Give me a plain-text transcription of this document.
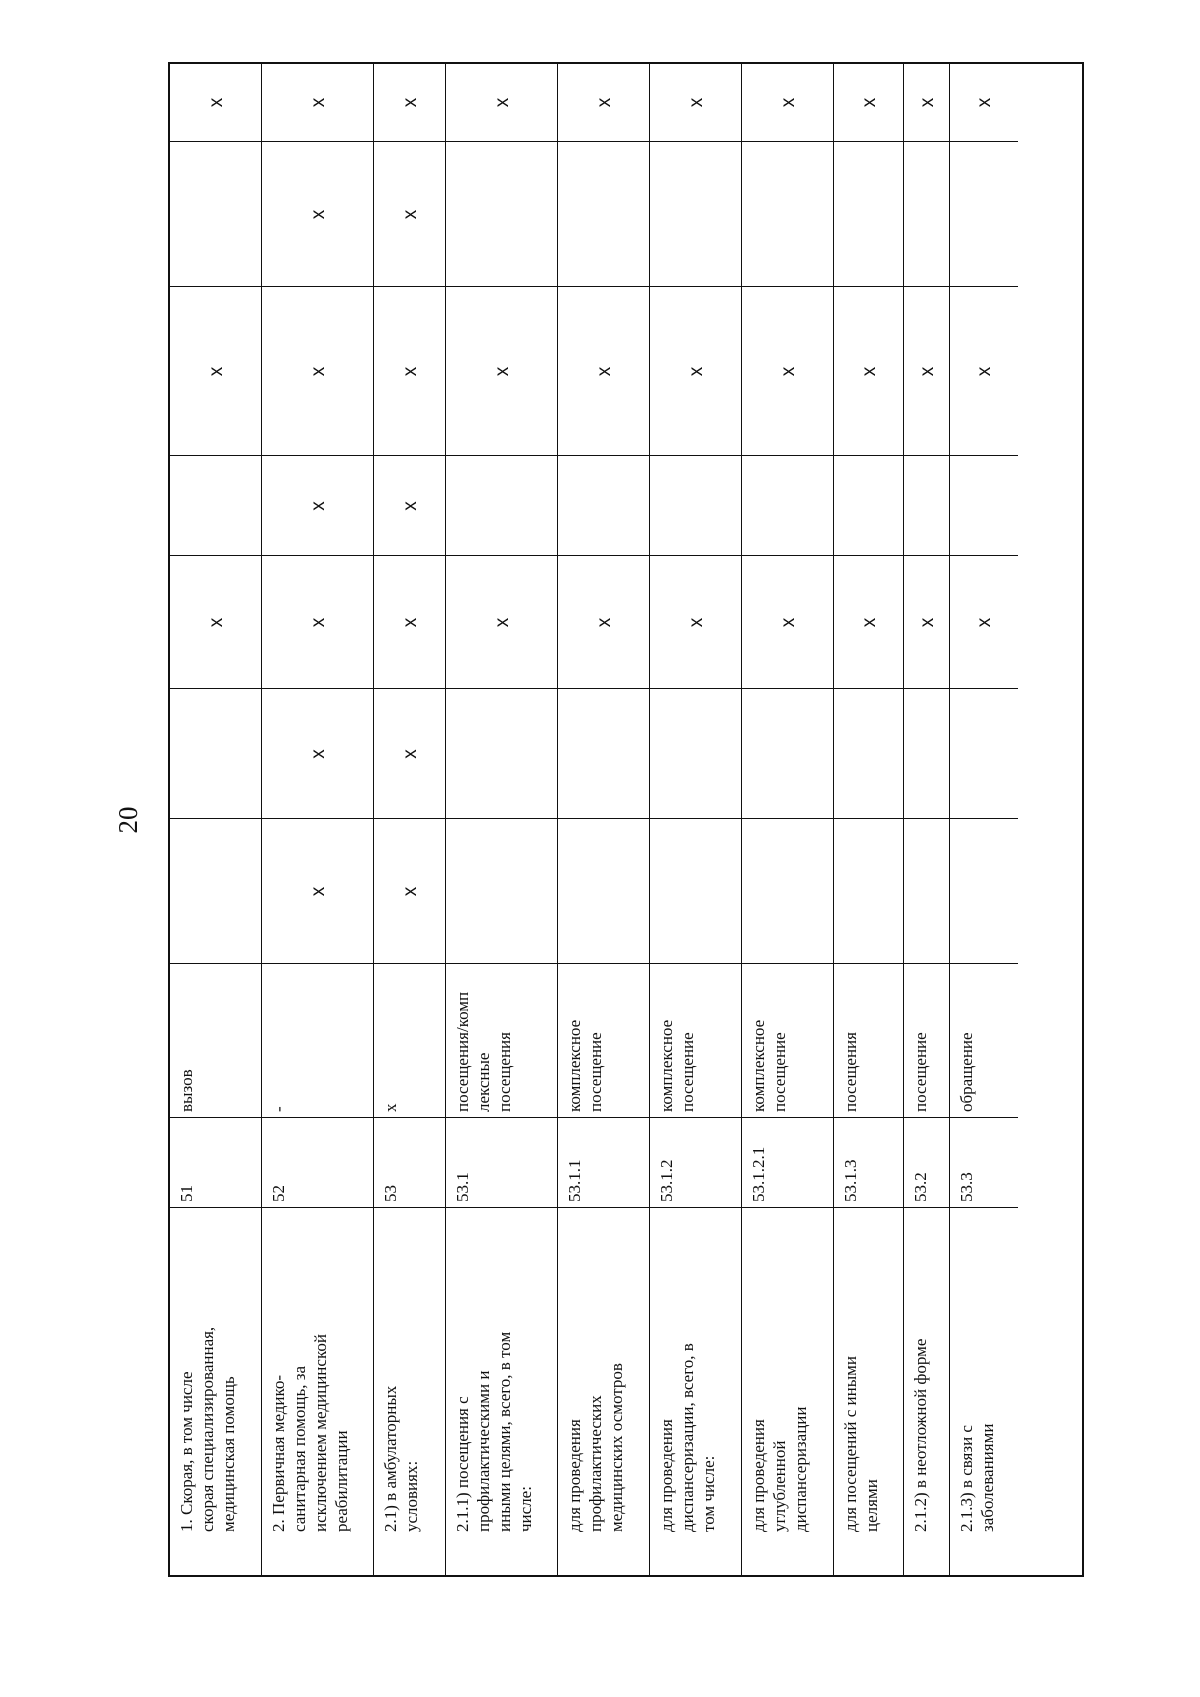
20
х
х
х
вызов
51
1. Скорая, в том числе
скорая специализированная,
медицинская помощь
х
х
х
х
х
х
х
-
52
2. Первичная медико-
санитарная помощь, за
исключением медицинской
реабилитации
х
х
х
х
х
х
х
х
53
2.1) в амбулаторных
условиях:
х
х
х
посещения/комп
лексные
посещения
53.1
2.1.1) посещения с
профилактическими и
иными целями, всего, в том
числе:
х
х
х
комплексное
посещение
53.1.1
для проведения
профилактических
медицинских осмотров
х
х
х
комплексное
посещение
53.1.2
для проведения
диспансеризации, всего, в
том числе:
х
х
х
комплексное
посещение
53.1.2.1
для проведения
углубленной
диспансеризации
х
х
х
посещения
53.1.3
для посещений с иными
целями
х
х
х
посещение
53.2
2.1.2) в неотложной форме
х
х
х
обращение
53.3
2.1.3) в связи с
заболеваниями
